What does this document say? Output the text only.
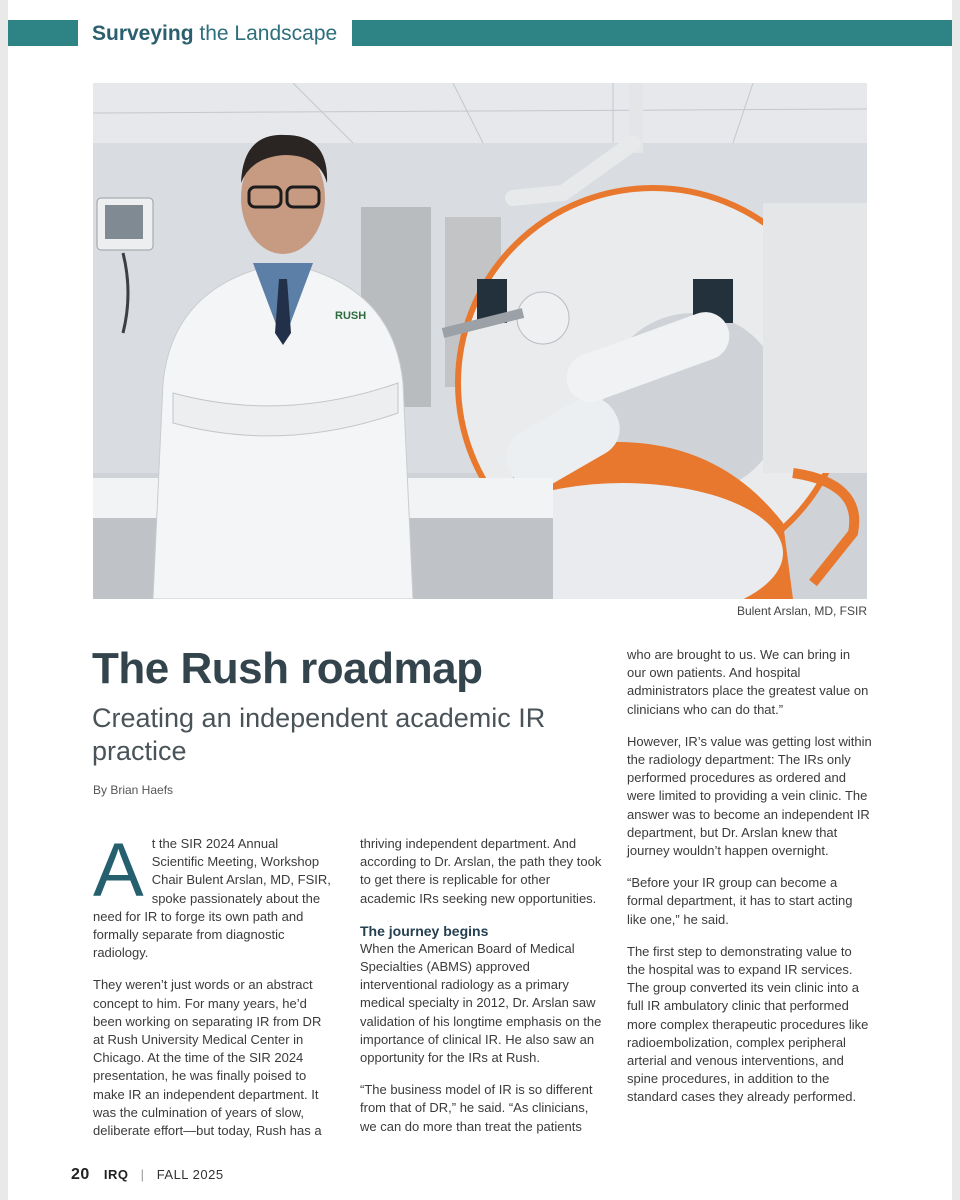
Surveying the Landscape
RUSH
Bulent Arslan, MD, FSIR
The Rush roadmap
Creating an independent academic IR practice
By Brian Haefs

A t the SIR 2024 Annual Scientific Meeting, Workshop Chair Bulent Arslan, MD, FSIR, spoke passionately about the need for IR to forge its own path and formally separate from diagnostic radiology.

They weren’t just words or an abstract concept to him. For many years, he’d been working on separating IR from DR at Rush University Medical Center in Chicago. At the time of the SIR 2024 presentation, he was finally poised to make IR an independent department. It was the culmination of years of slow, deliberate effort—but today, Rush has a

thriving independent department. And according to Dr. Arslan, the path they took to get there is replicable for other academic IRs seeking new opportunities.

The journey begins

When the American Board of Medical Specialties (ABMS) approved interventional radiology as a primary medical specialty in 2012, Dr. Arslan saw validation of his longtime emphasis on the importance of clinical IR. He also saw an opportunity for the IRs at Rush.

“The business model of IR is so different from that of DR,” he said. “As clinicians, we can do more than treat the patients

who are brought to us. We can bring in our own patients. And hospital administrators place the greatest value on clinicians who can do that.”

However, IR’s value was getting lost within the radiology department: The IRs only performed procedures as ordered and were limited to providing a vein clinic. The answer was to become an independent IR department, but Dr. Arslan knew that journey wouldn’t happen overnight.

“Before your IR group can become a formal department, it has to start acting like one,” he said.

The first step to demonstrating value to the hospital was to expand IR services. The group converted its vein clinic into a full IR ambulatory clinic that performed more complex therapeutic procedures like radioembolization, complex peripheral arterial and venous interventions, and spine procedures, in addition to the standard cases they already performed.

20 IRQ | FALL 2025
